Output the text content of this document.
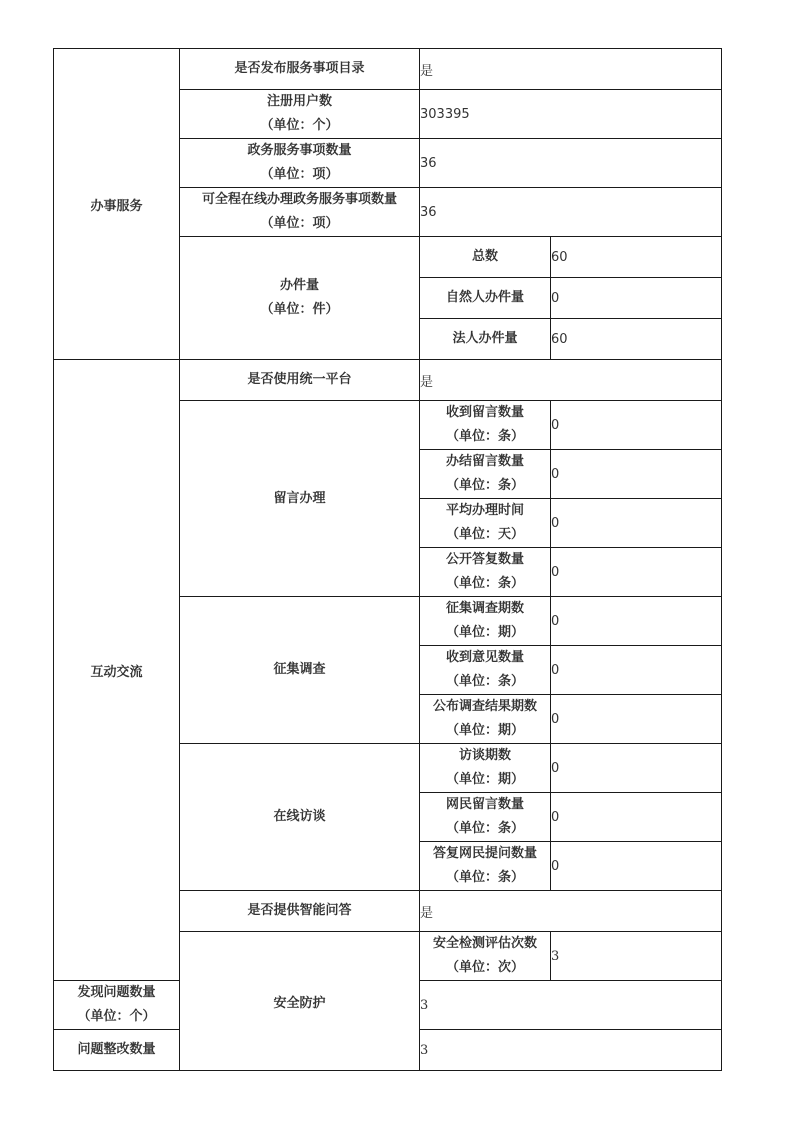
办事服务	是否发布服务事项目录	是	

	注册用户数
（单位：个）	303395	

	政务服务事项数量
（单位：项）	36	

	可全程在线办理政务服务事项数量
（单位：项）	36	

	办件量
（单位：件）	总数	60
		自然人办件量	0
		法人办件量	60
互动交流	是否使用统一平台	是	
	留言办理	收到留言数量
（单位：条）	0

		办结留言数量
（单位：条）	0

		平均办理时间
（单位：天）	0

		公开答复数量
（单位：条）	0
	征集调查	征集调查期数
（单位：期）	0

		收到意见数量
（单位：条）	0

		公布调查结果期数
（单位：期）	0
	在线访谈	访谈期数
（单位：期）	0

		网民留言数量
（单位：条）	0

		答复网民提问数量
（单位：条）	0
	是否提供智能问答	是	
	安全防护	安全检测评估次数
（单位：次）	3

发现问题数量
（单位：个）		3	
问题整改数量		3	
